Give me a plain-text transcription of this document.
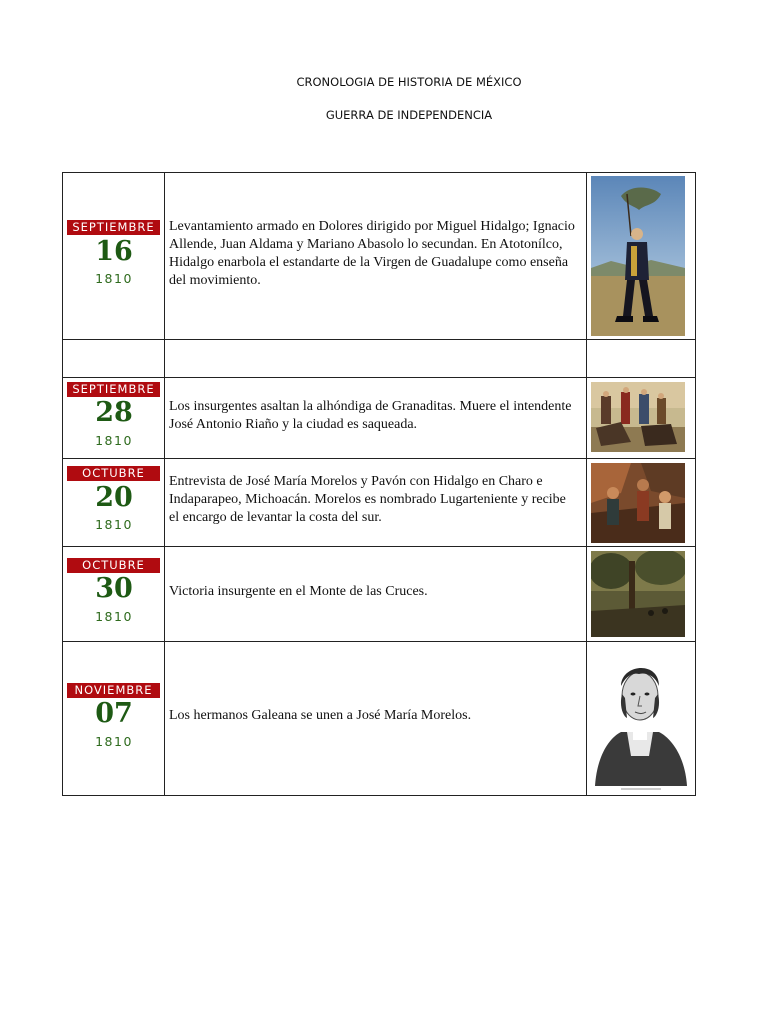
CRONOLOGIA DE HISTORIA DE MÉXICO
GUERRA DE INDEPENDENCIA
SEPTIEMBRE
16
1810
Levantamiento armado en Dolores dirigido por Miguel Hidalgo; Ignacio Allende, Juan Aldama y Mariano Abasolo lo secundan. En Atotonílco, Hidalgo enarbola el estandarte de la Virgen de Guadalupe como enseña del movimiento.
SEPTIEMBRE
28
1810
Los insurgentes asaltan la alhóndiga de Granaditas. Muere el intendente José Antonio Riaño y la ciudad es saqueada.
OCTUBRE
20
1810
Entrevista de José María Morelos y Pavón con Hidalgo en Charo e Indaparapeo, Michoacán. Morelos es nombrado Lugarteniente y recibe el encargo de levantar la costa del sur.
OCTUBRE
30
1810
Victoria insurgente en el Monte de las Cruces.
NOVIEMBRE
07
1810
Los hermanos Galeana se unen a José María Morelos.
